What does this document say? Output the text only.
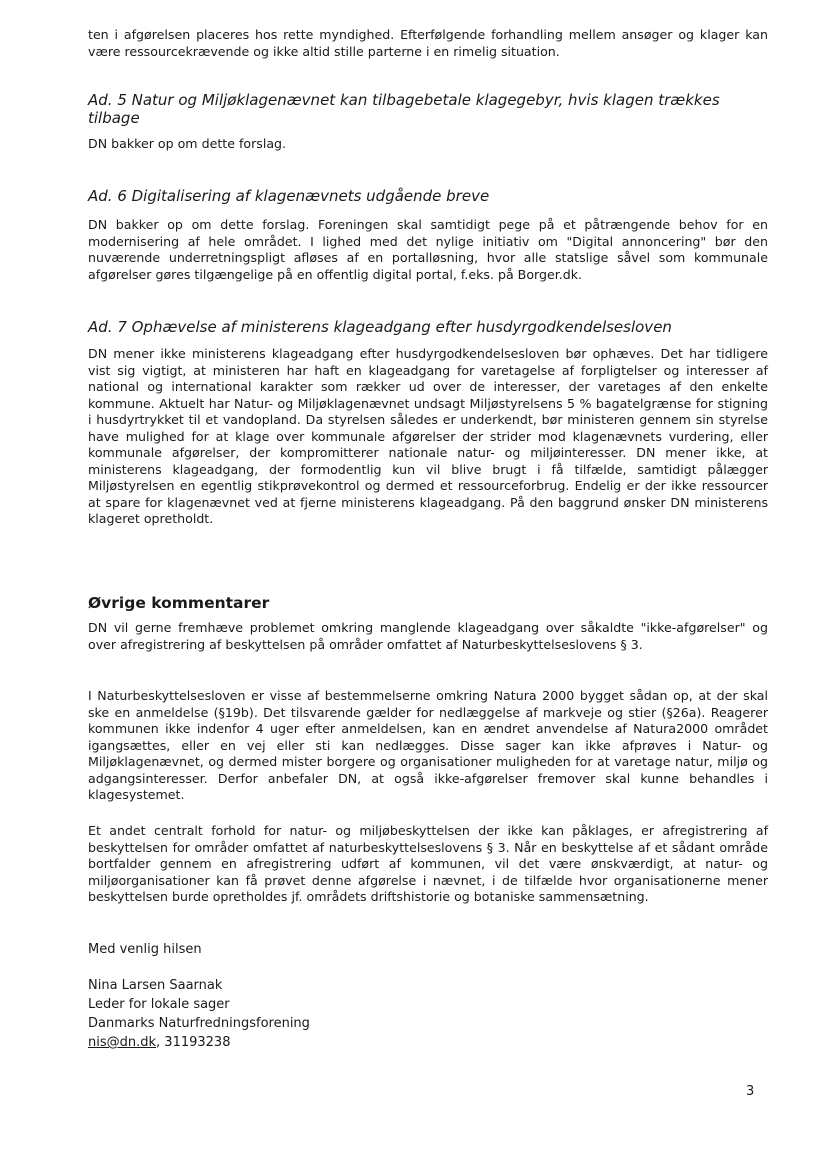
ten i afgørelsen placeres hos rette myndighed. Efterfølgende forhandling mellem ansøger og klager kan være ressourcekrævende og ikke altid stille parterne i en rimelig situation.

Ad. 5 Natur og Miljøklagenævnet kan tilbagebetale klagegebyr, hvis klagen trækkes tilbage

DN bakker op om dette forslag.

Ad. 6 Digitalisering af klagenævnets udgående breve

DN bakker op om dette forslag. Foreningen skal samtidigt pege på et påtrængende behov for en modernisering af hele området. I lighed med det nylige initiativ om "Digital annoncering" bør den nuværende underretningspligt afløses af en portalløsning, hvor alle statslige såvel som kommunale afgørelser gøres tilgængelige på en offentlig digital portal, f.eks. på Borger.dk.

Ad. 7 Ophævelse af ministerens klageadgang efter husdyrgodkendelsesloven

DN mener ikke ministerens klageadgang efter husdyrgodkendelsesloven bør ophæves. Det har tidligere vist sig vigtigt, at ministeren har haft en klageadgang for varetagelse af forpligtelser og interesser af national og international karakter som rækker ud over de interesser, der varetages af den enkelte kommune. Aktuelt har Natur- og Miljøklagenævnet undsagt Miljøstyrelsens 5 % bagatelgrænse for stigning i husdyrtrykket til et vandopland. Da styrelsen således er underkendt, bør ministeren gennem sin styrelse have mulighed for at klage over kommunale afgørelser der strider mod klagenævnets vurdering, eller kommunale afgørelser, der kompromitterer nationale natur- og miljøinteresser. DN mener ikke, at ministerens klageadgang, der formodentlig kun vil blive brugt i få tilfælde, samtidigt pålægger Miljøstyrelsen en egentlig stikprøvekontrol og dermed et ressourceforbrug. Endelig er der ikke ressourcer at spare for klagenævnet ved at fjerne ministerens klageadgang. På den baggrund ønsker DN ministerens klageret opretholdt.

Øvrige kommentarer

DN vil gerne fremhæve problemet omkring manglende klageadgang over såkaldte "ikke-afgørelser" og over afregistrering af beskyttelsen på områder omfattet af Naturbeskyttelseslovens § 3.

I Naturbeskyttelsesloven er visse af bestemmelserne omkring Natura 2000 bygget sådan op, at der skal ske en anmeldelse (§19b). Det tilsvarende gælder for nedlæggelse af markveje og stier (§26a). Reagerer kommunen ikke indenfor 4 uger efter anmeldelsen, kan en ændret anvendelse af Natura2000 området igangsættes, eller en vej eller sti kan nedlægges. Disse sager kan ikke afprøves i Natur- og Miljøklagenævnet, og dermed mister borgere og organisationer muligheden for at varetage natur, miljø og adgangsinteresser. Derfor anbefaler DN, at også ikke-afgørelser fremover skal kunne behandles i klagesystemet.

Et andet centralt forhold for natur- og miljøbeskyttelsen der ikke kan påklages, er afregistrering af beskyttelsen for områder omfattet af naturbeskyttelseslovens § 3. Når en beskyttelse af et sådant område bortfalder gennem en afregistrering udført af kommunen, vil det være ønskværdigt, at natur- og miljøorganisationer kan få prøvet denne afgørelse i nævnet, i de tilfælde hvor organisationerne mener beskyttelsen burde opretholdes jf. områdets driftshistorie og botaniske sammensætning.

Med venlig hilsen

Nina Larsen Saarnak

Leder for lokale sager

Danmarks Naturfredningsforening

nis@dn.dk, 31193238

3
